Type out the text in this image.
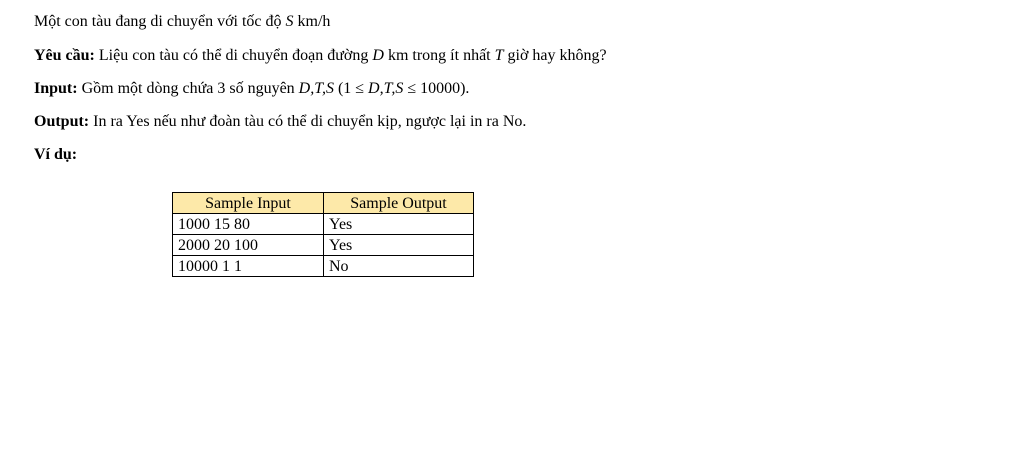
Một con tàu đang di chuyển với tốc độ S km/h

Yêu cầu: Liệu con tàu có thể di chuyển đoạn đường D km trong ít nhất T giờ hay không?

Input: Gồm một dòng chứa 3 số nguyên D,T,S (1 ≤ D,T,S ≤ 10000).

Output: In ra Yes nếu như đoàn tàu có thể di chuyển kịp, ngược lại in ra No.

Ví dụ:

Sample Input	Sample Output
1000 15 80	Yes
2000 20 100	Yes
10000 1 1	No
